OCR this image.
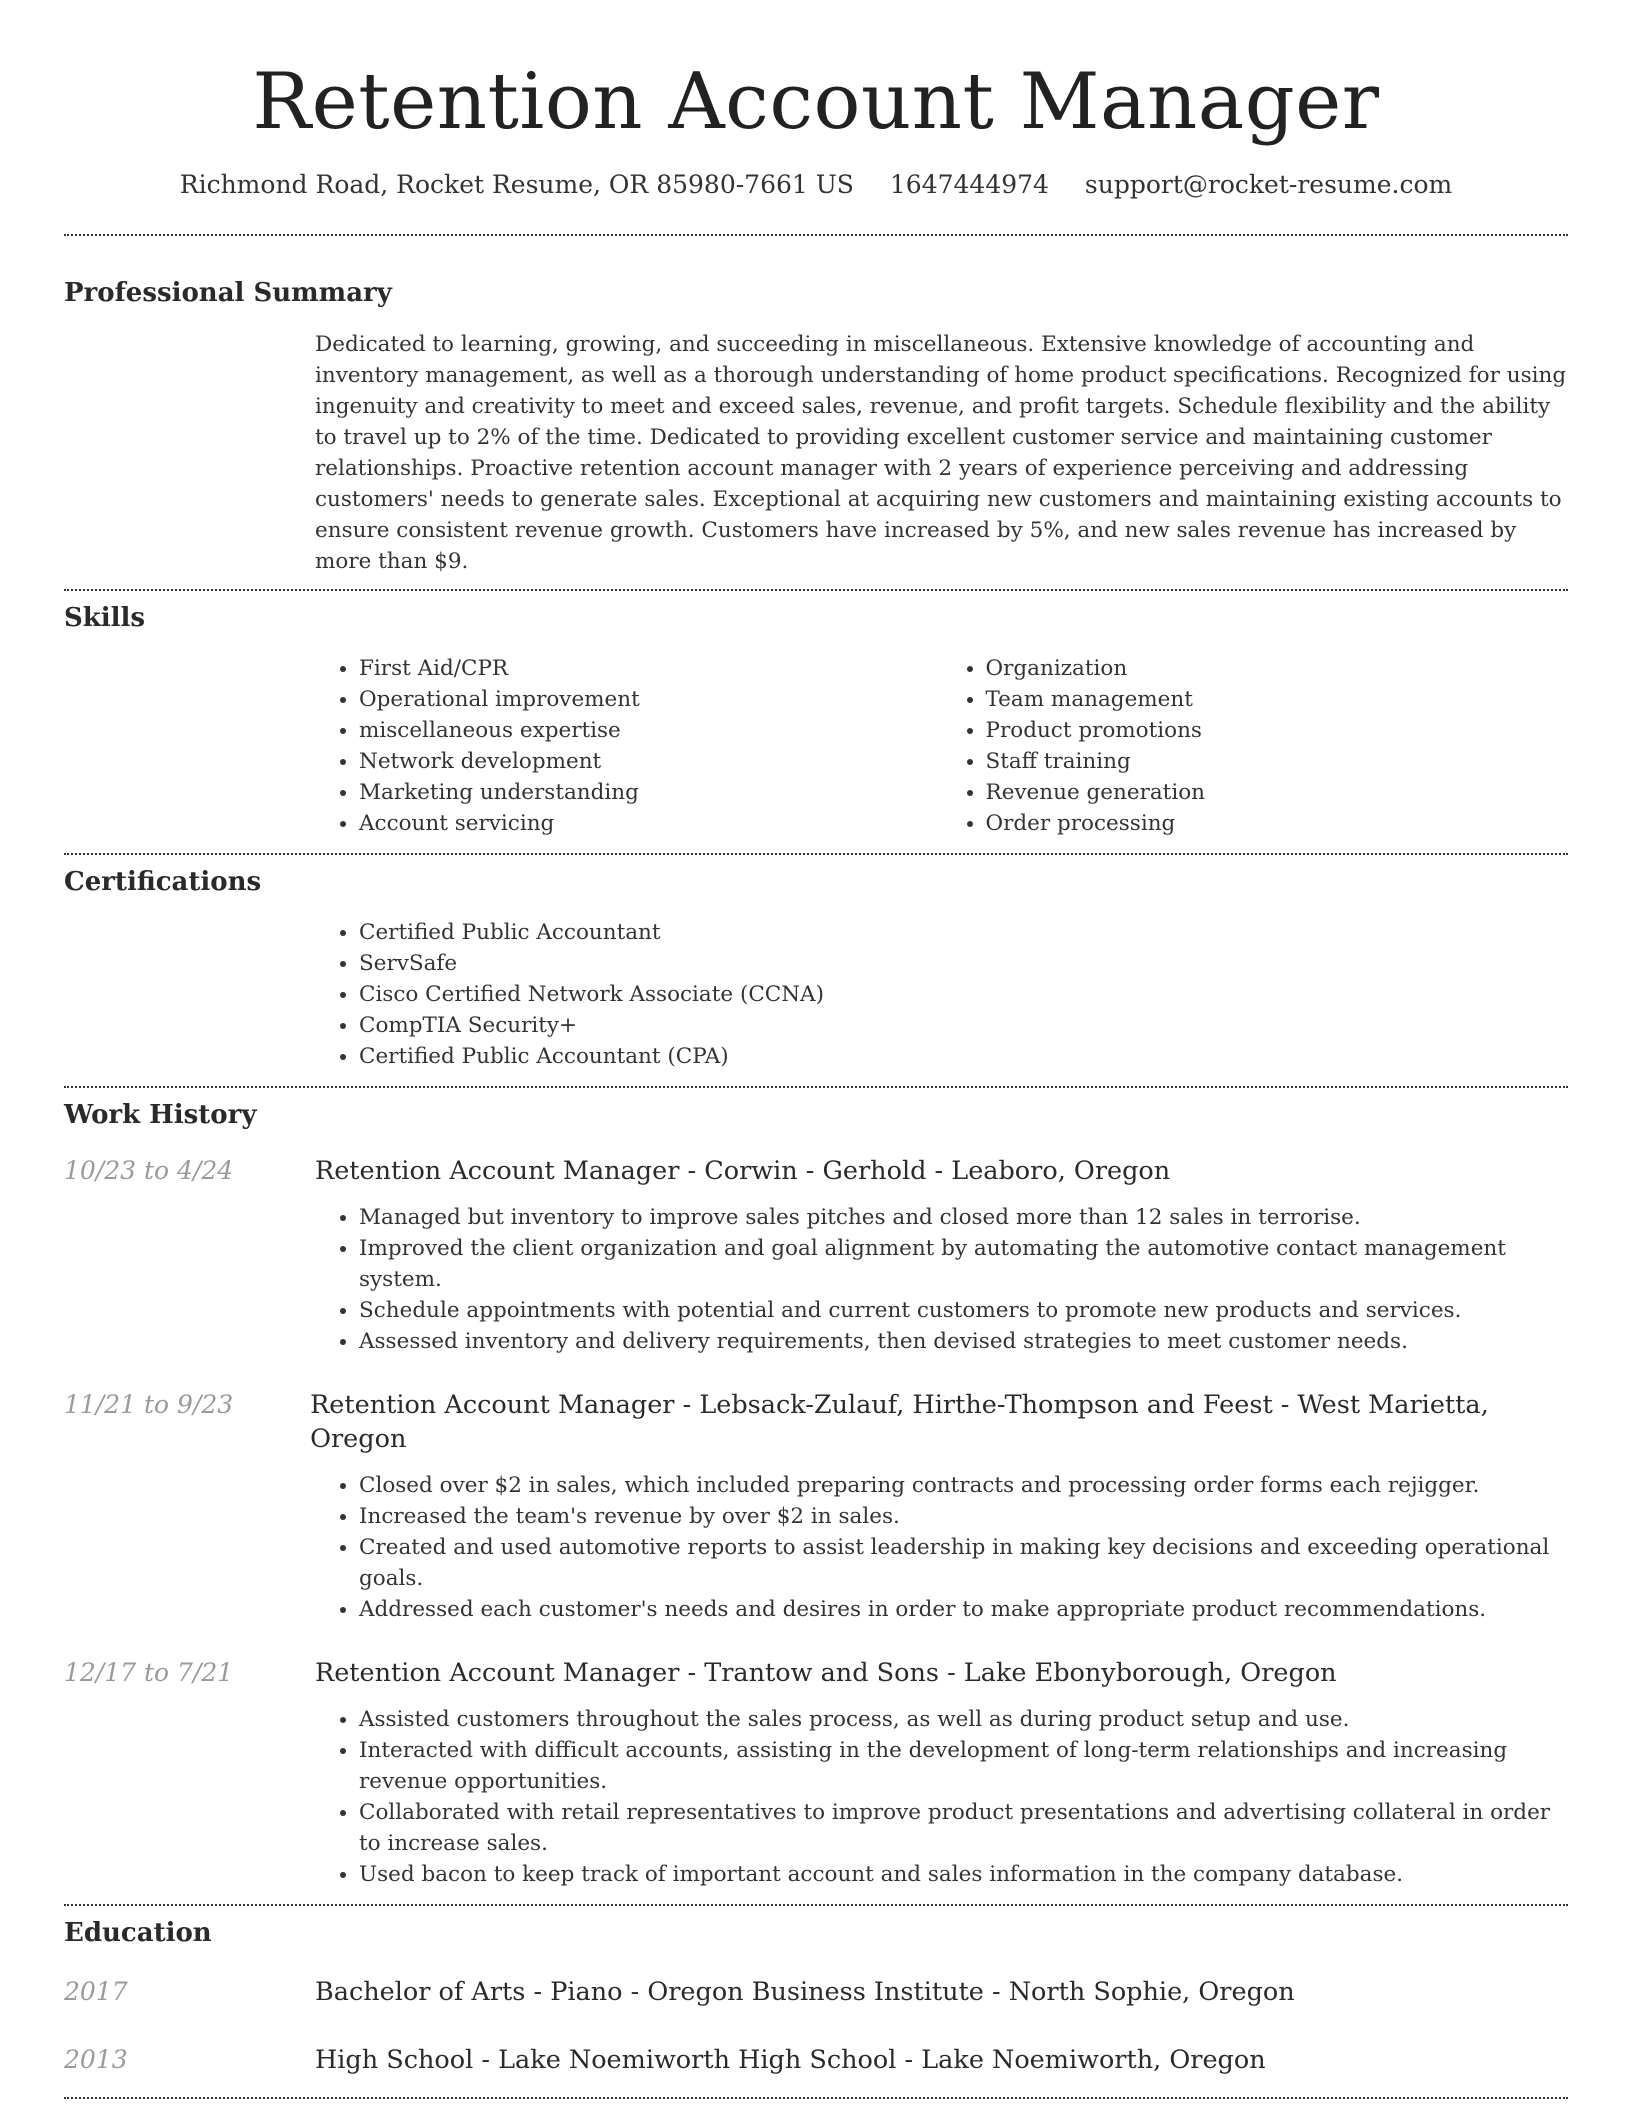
Retention Account Manager
Richmond Road, Rocket Resume, OR 85980-7661 US 1647444974 support@rocket-resume.com
Professional Summary

Dedicated to learning, growing, and succeeding in miscellaneous. Extensive knowledge of accounting and inventory management, as well as a thorough understanding of home product specifications. Recognized for using ingenuity and creativity to meet and exceed sales, revenue, and profit targets. Schedule flexibility and the ability to travel up to 2% of the time. Dedicated to providing excellent customer service and maintaining customer relationships. Proactive retention account manager with 2 years of experience perceiving and addressing customers' needs to generate sales. Exceptional at acquiring new customers and maintaining existing accounts to ensure consistent revenue growth. Customers have increased by 5%, and new sales revenue has increased by more than $9.

Skills
• First Aid/CPR
• Operational improvement
• miscellaneous expertise
• Network development
• Marketing understanding
• Account servicing
• Organization
• Team management
• Product promotions
• Staff training
• Revenue generation
• Order processing
Certifications
• Certified Public Accountant
• ServSafe
• Cisco Certified Network Associate (CCNA)
• CompTIA Security+
• Certified Public Accountant (CPA)
Work History
10/23 to 4/24	Retention Account Manager - Corwin - Gerhold - Leaboro, Oregon
• Managed but inventory to improve sales pitches and closed more than 12 sales in terrorise.
• Improved the client organization and goal alignment by automating the automotive contact management system.
• Schedule appointments with potential and current customers to promote new products and services.
• Assessed inventory and delivery requirements, then devised strategies to meet customer needs.
11/21 to 9/23	Retention Account Manager - Lebsack-Zulauf, Hirthe-Thompson and Feest - West Marietta, Oregon
• Closed over $2 in sales, which included preparing contracts and processing order forms each rejigger.
• Increased the team's revenue by over $2 in sales.
• Created and used automotive reports to assist leadership in making key decisions and exceeding operational goals.
• Addressed each customer's needs and desires in order to make appropriate product recommendations.
12/17 to 7/21	Retention Account Manager - Trantow and Sons - Lake Ebonyborough, Oregon
• Assisted customers throughout the sales process, as well as during product setup and use.
• Interacted with difficult accounts, assisting in the development of long-term relationships and increasing revenue opportunities.
• Collaborated with retail representatives to improve product presentations and advertising collateral in order to increase sales.
• Used bacon to keep track of important account and sales information in the company database.
Education
2017	Bachelor of Arts - Piano - Oregon Business Institute - North Sophie, Oregon
2013	High School - Lake Noemiworth High School - Lake Noemiworth, Oregon
